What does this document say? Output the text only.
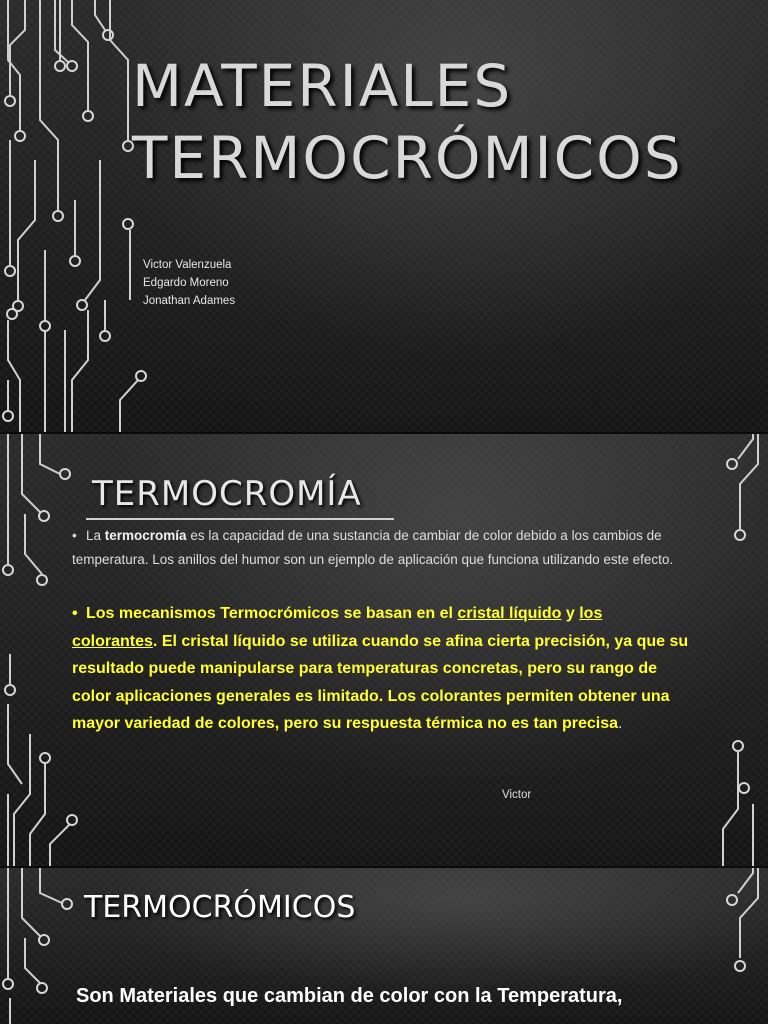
MATERIALES
TERMOCRÓMICOS
Victor Valenzuela
Edgardo Moreno
Jonathan Adames
TERMOCROMÍA
• La termocromía es la capacidad de una sustancia de cambiar de color debido a los cambios de temperatura. Los anillos del humor son un ejemplo de aplicación que funciona utilizando este efecto.
• Los mecanismos Termocrómicos se basan en el cristal líquido y los colorantes. El cristal líquido se utiliza cuando se afina cierta precisión, ya que su resultado puede manipularse para temperaturas concretas, pero su rango de color aplicaciones generales es limitado. Los colorantes permiten obtener una mayor variedad de colores, pero su respuesta térmica no es tan precisa.
Victor
TERMOCRÓMICOS
Son Materiales que cambian de color con la Temperatura,
